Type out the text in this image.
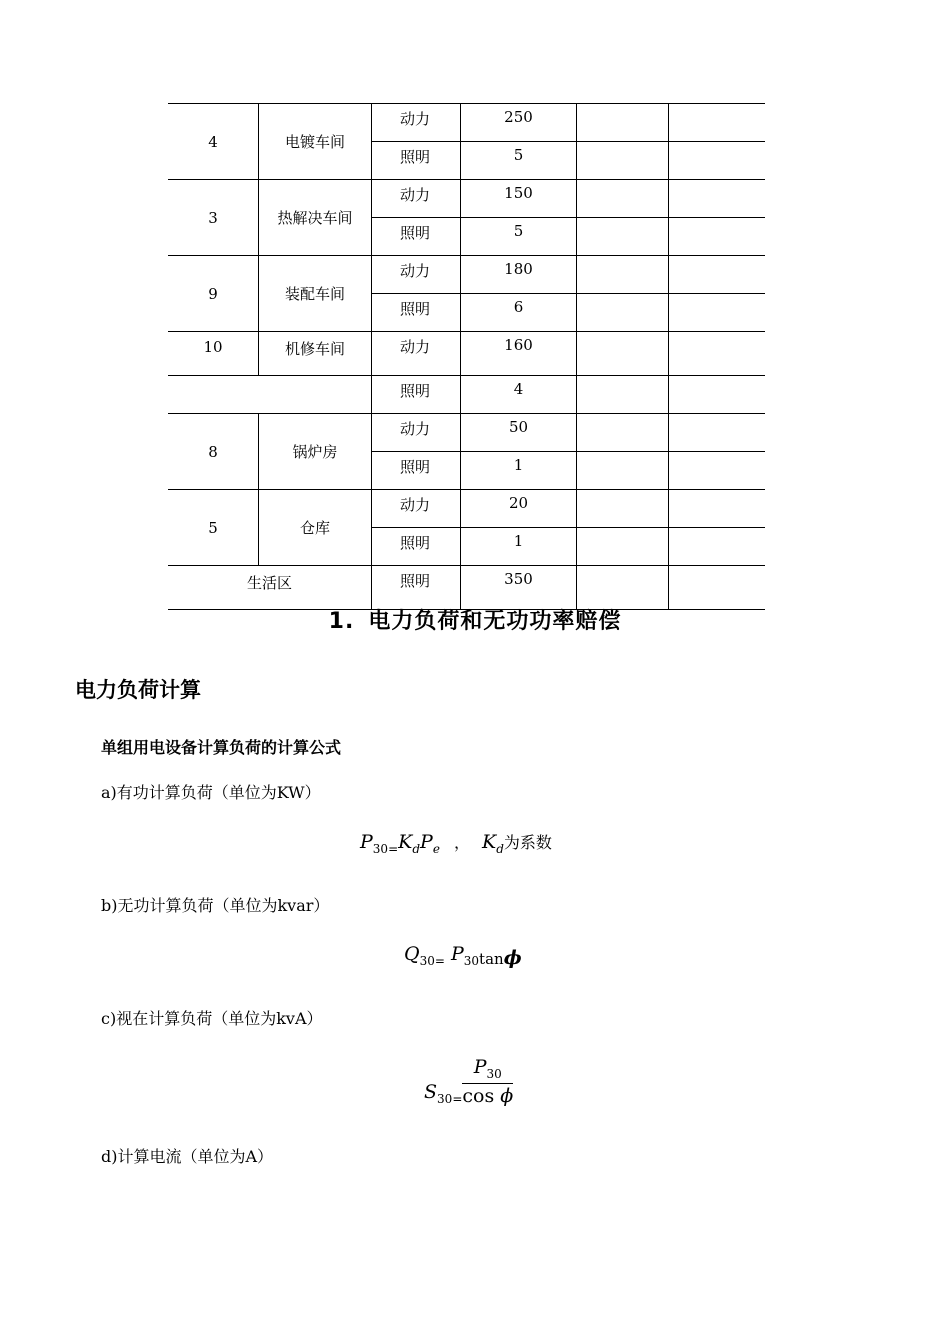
4	电镀车间	动力	250		
		照明	5		
3	热解决车间	动力	150		
		照明	5		
9	装配车间	动力	180		
		照明	6		
10	机修车间	动力	160		
		照明	4		
8	锅炉房	动力	50		
		照明	1		
5	仓库	动力	20		
		照明	1		
生活区		照明	350		
1. 电力负荷和无功功率赔偿
电力负荷计算
单组用电设备计算负荷的计算公式
a)有功计算负荷（单位为KW）
$P_{30=}K_dP_e$ ， $K_d$为系数
b)无功计算负荷（单位为kvar）
$Q_{30=}$ $P_{30tan}\phi$
c)视在计算负荷（单位为kvA）
$S_{30=} \frac{P_{30}}{\text{cos ϕ}}$
d)计算电流（单位为A）
